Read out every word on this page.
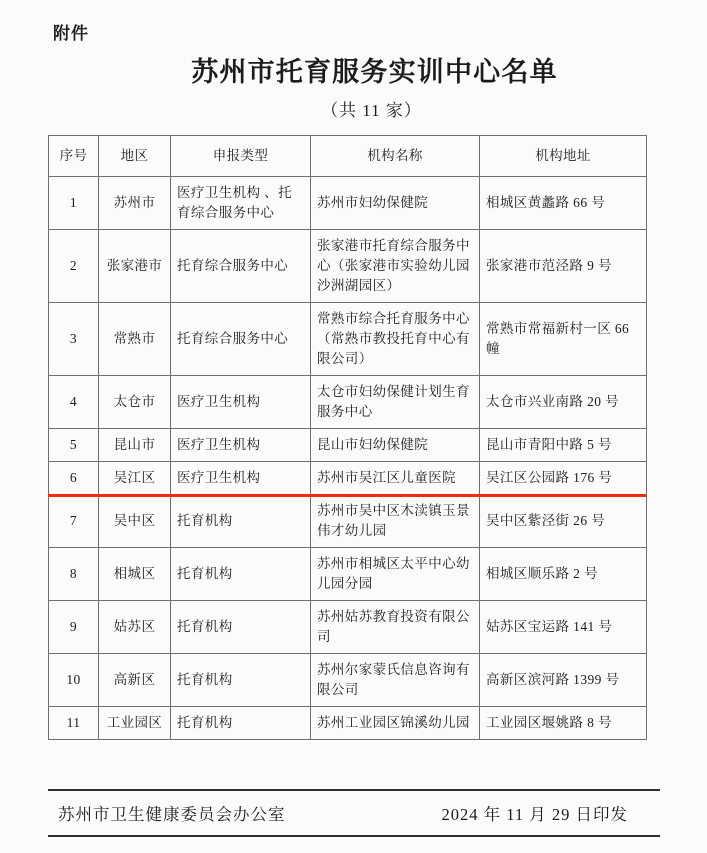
附件
苏州市托育服务实训中心名单
（共 11 家）
序号	地区	申报类型	机构名称	机构地址
1	苏州市	医疗卫生机构 、托育综合服务中心	苏州市妇幼保健院	相城区黄蠡路 66 号
2	张家港市	托育综合服务中心	张家港市托育综合服务中心（张家港市实验幼儿园沙洲湖园区）	张家港市范泾路 9 号
3	常熟市	托育综合服务中心	常熟市综合托育服务中心（常熟市教投托育中心有限公司）	常熟市常福新村一区 66 幢
4	太仓市	医疗卫生机构	太仓市妇幼保健计划生育服务中心	太仓市兴业南路 20 号
5	昆山市	医疗卫生机构	昆山市妇幼保健院	昆山市青阳中路 5 号
6	吴江区	医疗卫生机构	苏州市吴江区儿童医院	吴江区公园路 176 号
7	吴中区	托育机构	苏州市吴中区木渎镇玉景伟才幼儿园	吴中区紫泾街 26 号
8	相城区	托育机构	苏州市相城区太平中心幼儿园分园	相城区顺乐路 2 号
9	姑苏区	托育机构	苏州姑苏教育投资有限公司	姑苏区宝运路 141 号
10	高新区	托育机构	苏州尔家蒙氏信息咨询有限公司	高新区滨河路 1399 号
11	工业园区	托育机构	苏州工业园区锦溪幼儿园	工业园区堰姚路 8 号
苏州市卫生健康委员会办公室	2024 年 11 月 29 日印发
